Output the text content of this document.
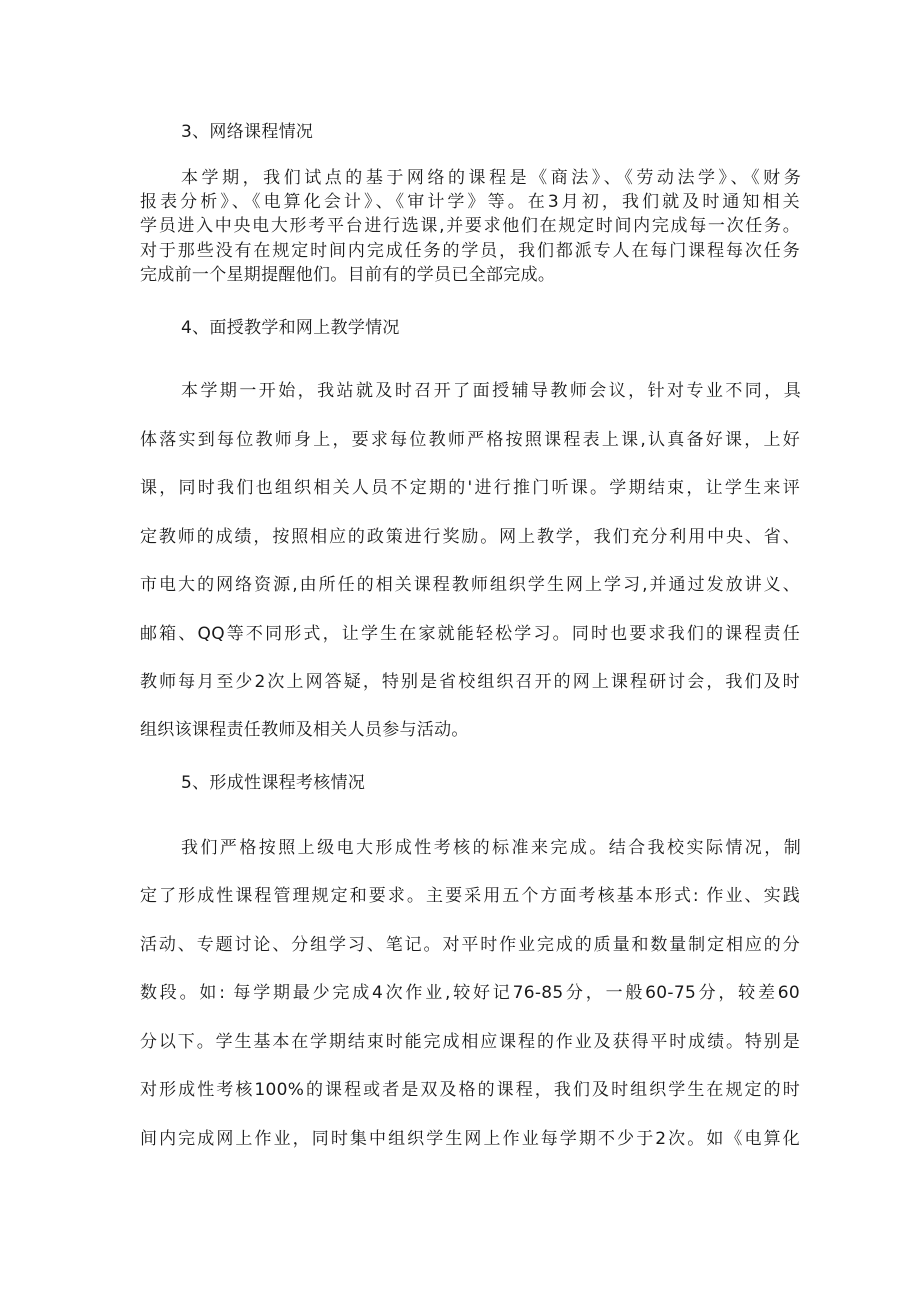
3、网络课程情况
本学期，我们试点的基于网络的课程是《商法》、《劳动法学》、《财务
报表分析》、《电算化会计》、《审计学》等。在3月初，我们就及时通知相关
学员进入中央电大形考平台进行选课,并要求他们在规定时间内完成每一次任务。
对于那些没有在规定时间内完成任务的学员，我们都派专人在每门课程每次任务
完成前一个星期提醒他们。目前有的学员已全部完成。
4、面授教学和网上教学情况
本学期一开始，我站就及时召开了面授辅导教师会议，针对专业不同，具
体落实到每位教师身上，要求每位教师严格按照课程表上课,认真备好课，上好
课，同时我们也组织相关人员不定期的'进行推门听课。学期结束，让学生来评
定教师的成绩，按照相应的政策进行奖励。网上教学，我们充分利用中央、省、
市电大的网络资源,由所任的相关课程教师组织学生网上学习,并通过发放讲义、
邮箱、QQ等不同形式，让学生在家就能轻松学习。同时也要求我们的课程责任
教师每月至少2次上网答疑，特别是省校组织召开的网上课程研讨会，我们及时
组织该课程责任教师及相关人员参与活动。
5、形成性课程考核情况
我们严格按照上级电大形成性考核的标准来完成。结合我校实际情况，制
定了形成性课程管理规定和要求。主要采用五个方面考核基本形式: 作业、实践
活动、专题讨论、分组学习、笔记。对平时作业完成的质量和数量制定相应的分
数段。如: 每学期最少完成4次作业,较好记76-85分，一般60-75分，较差60
分以下。学生基本在学期结束时能完成相应课程的作业及获得平时成绩。特别是
对形成性考核100%的课程或者是双及格的课程，我们及时组织学生在规定的时
间内完成网上作业，同时集中组织学生网上作业每学期不少于2次。如《电算化
